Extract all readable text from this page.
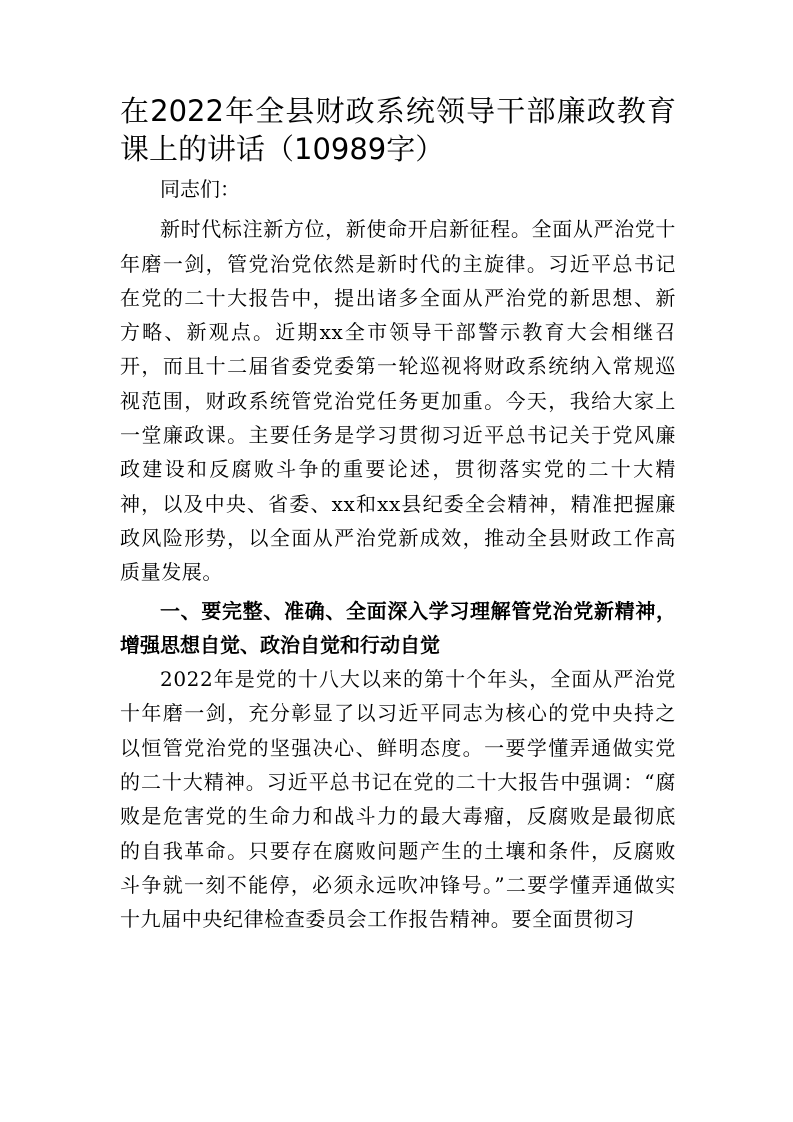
在2022年全县财政系统领导干部廉政教育课上的讲话（10989字）

同志们：

新时代标注新方位，新使命开启新征程。全面从严治党十年磨一剑，管党治党依然是新时代的主旋律。习近平总书记在党的二十大报告中，提出诸多全面从严治党的新思想、新方略、新观点。近期xx全市领导干部警示教育大会相继召开，而且十二届省委党委第一轮巡视将财政系统纳入常规巡视范围，财政系统管党治党任务更加重。今天，我给大家上一堂廉政课。主要任务是学习贯彻习近平总书记关于党风廉政建设和反腐败斗争的重要论述，贯彻落实党的二十大精神，以及中央、省委、xx和xx县纪委全会精神，精准把握廉政风险形势，以全面从严治党新成效，推动全县财政工作高质量发展。

一、要完整、准确、全面深入学习理解管党治党新精神，增强思想自觉、政治自觉和行动自觉

2022年是党的十八大以来的第十个年头，全面从严治党十年磨一剑，充分彰显了以习近平同志为核心的党中央持之以恒管党治党的坚强决心、鲜明态度。一要学懂弄通做实党的二十大精神。习近平总书记在党的二十大报告中强调：“腐败是危害党的生命力和战斗力的最大毒瘤，反腐败是最彻底的自我革命。只要存在腐败问题产生的土壤和条件，反腐败斗争就一刻不能停，必须永远吹冲锋号。”二要学懂弄通做实十九届中央纪律检查委员会工作报告精神。要全面贯彻习
